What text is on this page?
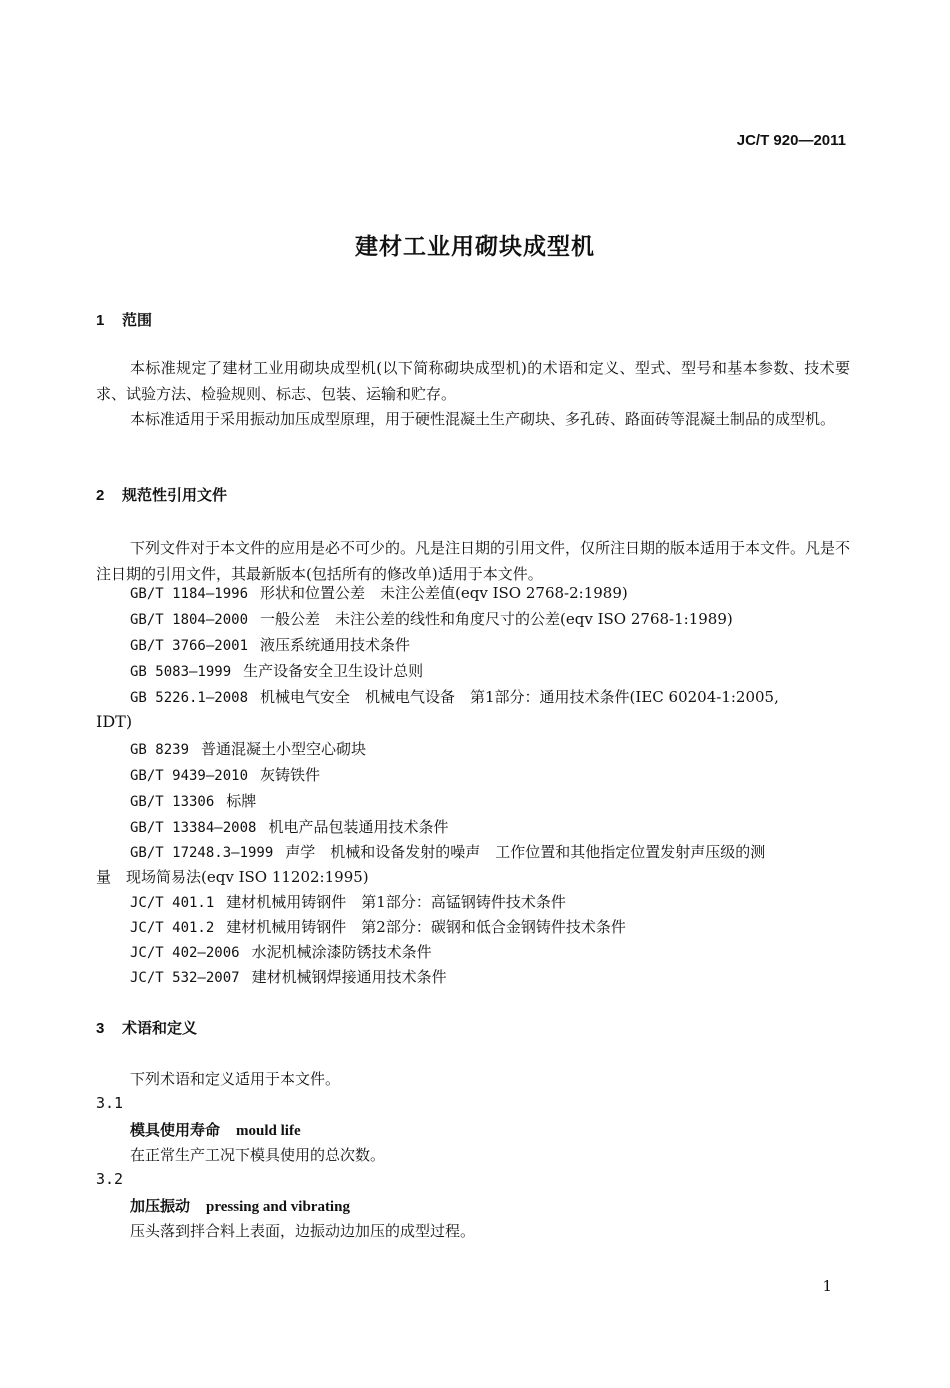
JC/T 920—2011
建材工业用砌块成型机
1 范围
本标准规定了建材工业用砌块成型机(以下简称砌块成型机)的术语和定义、型式、型号和基本参数、技术要求、试验方法、检验规则、标志、包装、运输和贮存。
本标准适用于采用振动加压成型原理，用于硬性混凝土生产砌块、多孔砖、路面砖等混凝土制品的成型机。
2 规范性引用文件
下列文件对于本文件的应用是必不可少的。凡是注日期的引用文件，仅所注日期的版本适用于本文件。凡是不注日期的引用文件，其最新版本(包括所有的修改单)适用于本文件。
GB/T 1184—1996 形状和位置公差　未注公差值(eqv ISO 2768-2:1989)
GB/T 1804—2000 一般公差　未注公差的线性和角度尺寸的公差(eqv ISO 2768-1:1989)
GB/T 3766—2001 液压系统通用技术条件
GB 5083—1999 生产设备安全卫生设计总则
GB 5226.1—2008 机械电气安全　机械电气设备　第1部分：通用技术条件(IEC 60204-1:2005,
IDT)
GB 8239 普通混凝土小型空心砌块
GB/T 9439—2010 灰铸铁件
GB/T 13306 标牌
GB/T 13384—2008 机电产品包装通用技术条件
GB/T 17248.3—1999 声学　机械和设备发射的噪声　工作位置和其他指定位置发射声压级的测
量　现场简易法(eqv ISO 11202:1995)
JC/T 401.1 建材机械用铸钢件　第1部分：高锰钢铸件技术条件
JC/T 401.2 建材机械用铸钢件　第2部分：碳钢和低合金钢铸件技术条件
JC/T 402—2006 水泥机械涂漆防锈技术条件
JC/T 532—2007 建材机械钢焊接通用技术条件
3 术语和定义
下列术语和定义适用于本文件。
3.1
模具使用寿命 mould life
在正常生产工况下模具使用的总次数。
3.2
加压振动 pressing and vibrating
压头落到拌合料上表面，边振动边加压的成型过程。
1
